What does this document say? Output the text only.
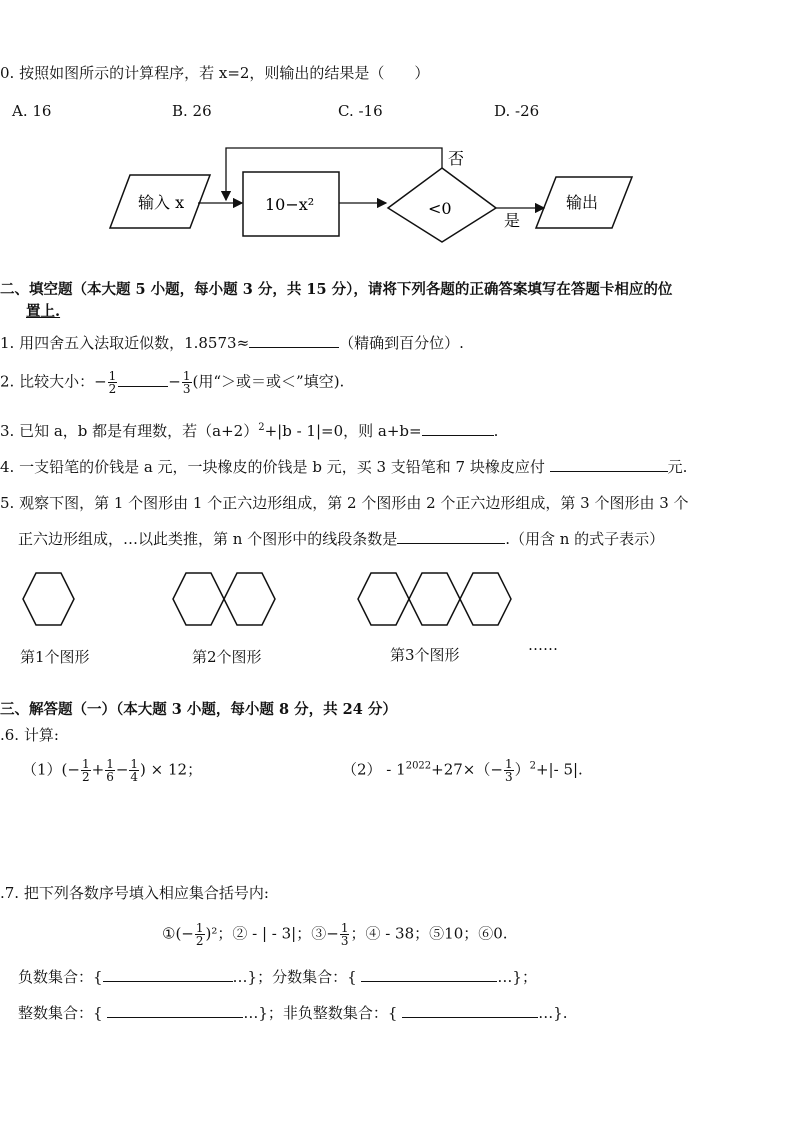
0. 按照如图所示的计算程序，若 x=2，则输出的结果是（　　）
A. 16	B. 26	C. -16	D. -26
输入 x	10−x²	<0
否
是
输出
二、填空题（本大题 5 小题，每小题 3 分，共 15 分），请将下列各题的正确答案填写在答题卡相应的位
置上.
1. 用四舍五入法取近似数，1.8573≈	（精确到百分位）.
2. 比较大小：− $\frac{1}{2}$	− $\frac{1}{3}$ (用“＞或＝或＜”填空).
3. 已知 a，b 都是有理数，若$(a+2)^2+|b - 1|=0$，则 a+b=	.
4. 一支铅笔的价钱是 a 元，一块橡皮的价钱是 b 元，买 3 支铅笔和 7 块橡皮应付	元.
5. 观察下图，第 1 个图形由 1 个正六边形组成，第 2 个图形由 2 个正六边形组成，第 3 个图形由 3 个
正六边形组成，…以此类推，第 n 个图形中的线段条数是	.（用含 n 的式子表示）
第1个图形	第2个图形	第3个图形
……
三、解答题（一）（本大题 3 小题，每小题 8 分，共 24 分）
.6. 计算:
$(1)(- \frac{1}{2} + \frac{1}{6} - \frac{1}{4}$ ) × 12；	$(2) - 1^{2022}+27\times(- \frac{1}{3} )^2+|-$ 5|.
.7. 把下列各数序号填入相应集合括号内:
①(− $\frac{1}{2} )^2$；② - | - 3|；③− $\frac{1}{3}$ ；④ - 38；⑤10；⑥0.
负数集合：{	…}；分数集合：{	…}；
整数集合：{	…}；非负整数集合：{	…}.
